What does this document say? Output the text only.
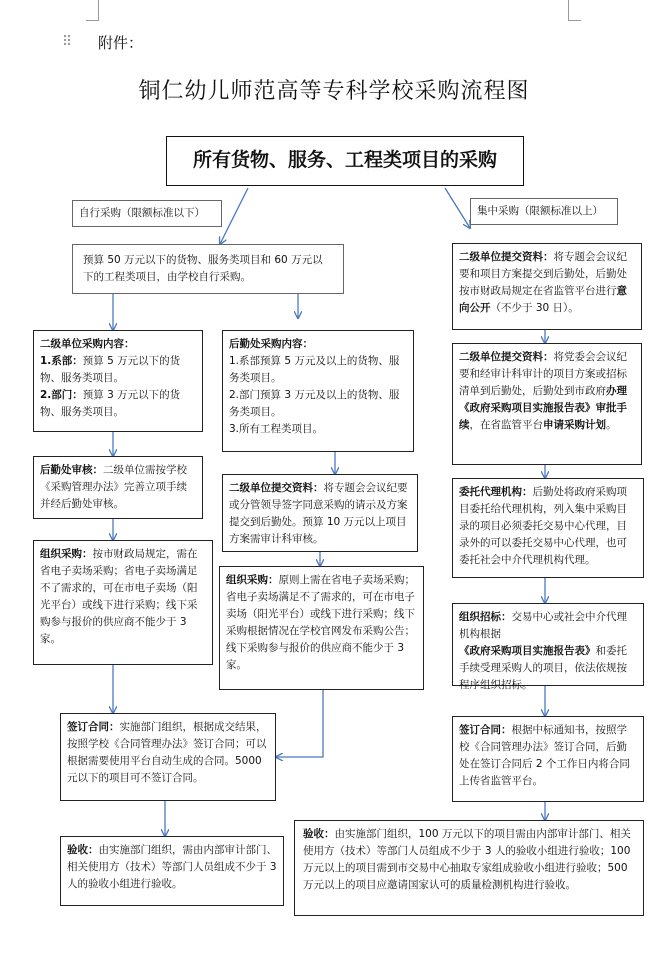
⠿ 附件：
铜仁幼儿师范高等专科学校采购流程图
所有货物、服务、工程类项目的采购
自行采购（限额标准以下）	集中采购（限额标准以上）
预算 50 万元以下的货物、服务类项目和 60 万元以下的工程类项目，由学校自行采购。
二级单位采购内容：
1.系部：预算 5 万元以下的货物、服务类项目。
2.部门：预算 3 万元以下的货物、服务类项目。
后勤处审核：二级单位需按学校《采购管理办法》完善立项手续并经后勤处审核。
组织采购：按市财政局规定，需在省电子卖场采购；省电子卖场满足不了需求的，可在市电子卖场（阳光平台）或线下进行采购；线下采购参与报价的供应商不能少于 3 家。
后勤处采购内容：
1.系部预算 5 万元及以上的货物、服务类项目。
2.部门预算 3 万元及以上的货物、服务类项目。
3.所有工程类项目。
二级单位提交资料：将专题会会议纪要或分管领导签字同意采购的请示及方案提交到后勤处。预算 10 万元以上项目方案需审计科审核。
组织采购：原则上需在省电子卖场采购；省电子卖场满足不了需求的，可在市电子卖场（阳光平台）或线下进行采购；线下采购根据情况在学校官网发布采购公告；线下采购参与报价的供应商不能少于 3 家。
签订合同：实施部门组织，根据成交结果，按照学校《合同管理办法》签订合同；可以根据需要使用平台自动生成的合同。5000 元以下的项目可不签订合同。
验收：由实施部门组织，需由内部审计部门、相关使用方（技术）等部门人员组成不少于 3 人的验收小组进行验收。
二级单位提交资料：将专题会会议纪要和项目方案提交到后勤处，后勤处按市财政局规定在省监管平台进行意向公开（不少于 30 日）。
二级单位提交资料：将党委会会议纪要和经审计科审计的项目方案或招标清单到后勤处，后勤处到市政府办理《政府采购项目实施报告表》审批手续，在省监管平台申请采购计划。
委托代理机构：后勤处将政府采购项目委托给代理机构，列入集中采购目录的项目必须委托交易中心代理，目录外的可以委托交易中心代理，也可委托社会中介代理机构代理。
组织招标：交易中心或社会中介代理机构根据《政府采购项目实施报告表》和委托手续受理采购人的项目，依法依规按程序组织招标。
签订合同：根据中标通知书，按照学校《合同管理办法》签订合同，后勤处在签订合同后 2 个工作日内将合同上传省监管平台。
验收：由实施部门组织，100 万元以下的项目需由内部审计部门、相关使用方（技术）等部门人员组成不少于 3 人的验收小组进行验收；100 万元以上的项目需到市交易中心抽取专家组成验收小组进行验收；500 万元以上的项目应邀请国家认可的质量检测机构进行验收。
